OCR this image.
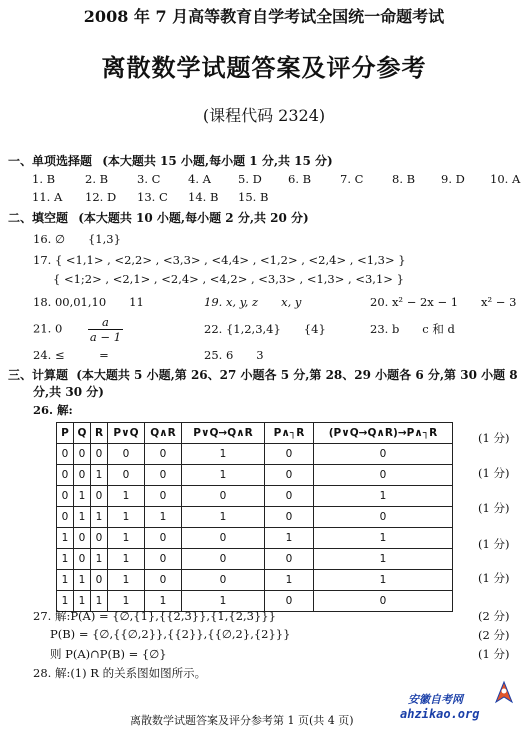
2008 年 7 月高等教育自学考试全国统一命题考试
离散数学试题答案及评分参考
(课程代码 2324)
一、单项选择题 (本大题共 15 小题,每小题 1 分,共 15 分)
1. B	2. B	3. C 4. A 5. D 6. B	7. C 8. B 9. D 10. A
11. A 12. D 13. C 14. B 15. B
二、填空题 (本大题共 10 小题,每小题 2 分,共 20 分)
16. ∅　　{1,3}
17. { <1,1> , <2,2> , <3,3> , <4,4> , <1,2> , <2,4> , <1,3> }
{ <1;2> , <2,1> , <2,4> , <4,2> , <3,3> , <1,3> , <3,1> }
18. 00,01,10　　11	19. x, y, z　　x, y	20. x² − 2x − 1　　x² − 3
21. $0 \frac{a}{a - 1}$	22. {1,2,3,4}　　{4}	23. b　　c 和 d
24. ≤　　　=	25. 6　　3
三、计算题 (本大题共 5 小题,第 26、27 小题各 5 分,第 28、29 小题各 6 分,第 30 小题 8
分,共 30 分)
26. 解:
P	Q	R	P∨Q	Q∧R	P∨Q→Q∧R	P∧┐R	(P∨Q→Q∧R)→P∧┐R
0	0	0	0	0	1	0	0
0	0	1	0	0	1	0	0
0	1	0	1	0	0	0	1
0	1	1	1	1	1	0	0
1	0	0	1	0	0	1	1
1	0	1	1	0	0	0	1
1	1	0	1	0	0	1	1
1	1	1	1	1	1	0	0
(1 分)
(1 分)
(1 分)
(1 分)
(1 分)
27. 解:P(A) = {∅,{1},{{2,3}},{1,{2,3}}}
P(B) = {∅,{{∅,2}},{{2}},{{∅,2},{2}}}
则 P(A)∩P(B) = {∅}
(2 分)
(2 分)
(1 分)
28. 解:(1) R 的关系图如图所示。
安徽自考网
ahzikao.org
离散数学试题答案及评分参考第 1 页(共 4 页)
